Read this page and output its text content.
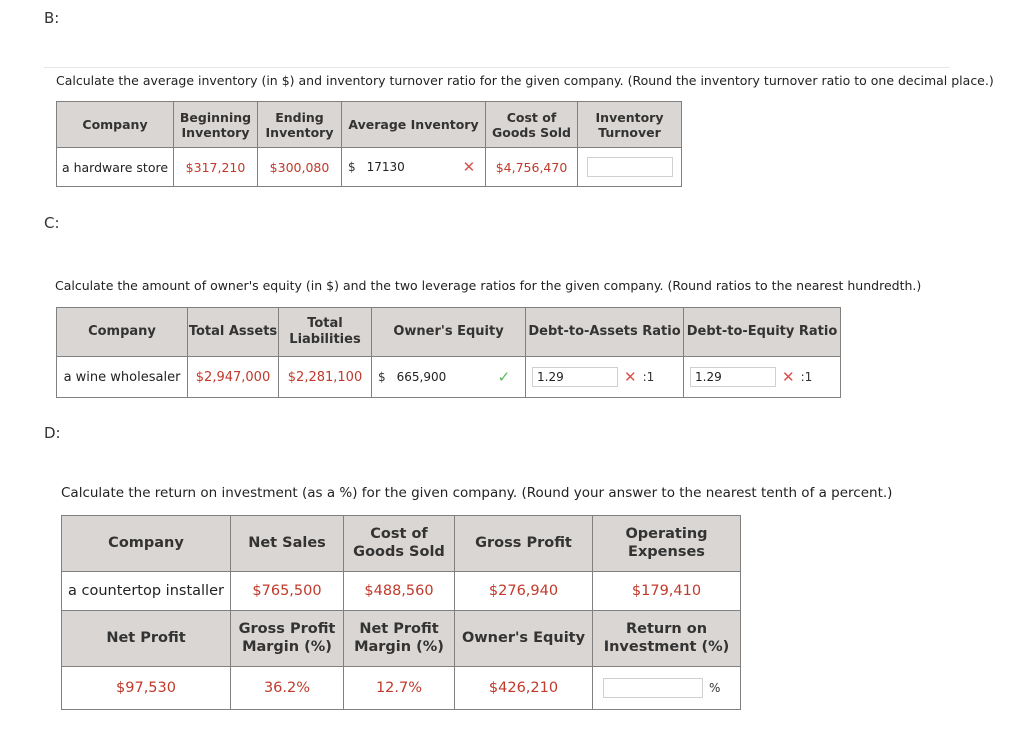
B:
Calculate the average inventory (in $) and inventory turnover ratio for the given company. (Round the inventory turnover ratio to one decimal place.)
Company	Beginning Inventory	Ending Inventory	Average Inventory	Cost of Goods Sold	Inventory Turnover
a hardware store	$317,210	$300,080	$ 17130 ✕	$4,756,470	
C:
Calculate the amount of owner's equity (in $) and the two leverage ratios for the given company. (Round ratios to the nearest hundredth.)
Company	Total Assets	Total Liabilities	Owner's Equity	Debt-to-Assets Ratio	Debt-to-Equity Ratio
a wine wholesaler	$2,947,000	$2,281,100	$ 665,900 ✓	1.29 ✕ :1	1.29 ✕ :1
D:
Calculate the return on investment (as a %) for the given company. (Round your answer to the nearest tenth of a percent.)
Company	Net Sales	Cost of Goods Sold	Gross Profit	Operating Expenses
a countertop installer	$765,500	$488,560	$276,940	$179,410
Net Profit	Gross Profit Margin (%)	Net Profit Margin (%)	Owner's Equity	Return on Investment (%)
$97,530	36.2%	12.7%	$426,210	%
